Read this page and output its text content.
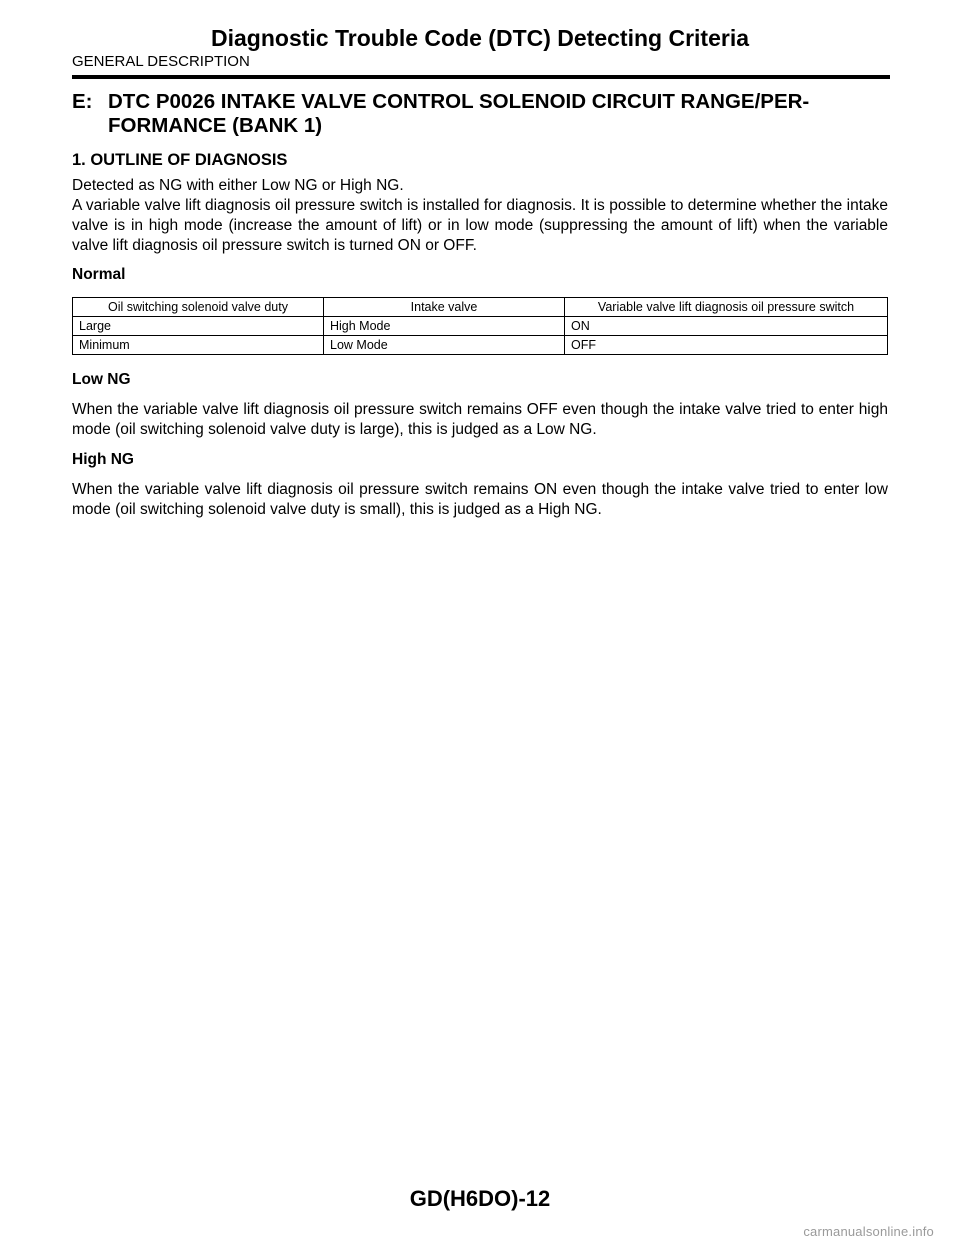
Diagnostic Trouble Code (DTC) Detecting Criteria
GENERAL DESCRIPTION
E: DTC P0026 INTAKE VALVE CONTROL SOLENOID CIRCUIT RANGE/PER-
FORMANCE (BANK 1)

1. OUTLINE OF DIAGNOSIS

Detected as NG with either Low NG or High NG.

A variable valve lift diagnosis oil pressure switch is installed for diagnosis. It is possible to determine whether the intake valve is in high mode (increase the amount of lift) or in low mode (suppressing the amount of lift) when the variable valve lift diagnosis oil pressure switch is turned ON or OFF.

Normal

Oil switching solenoid valve duty	Intake valve	Variable valve lift diagnosis oil pressure switch
Large	High Mode	ON
Minimum	Low Mode	OFF

Low NG

When the variable valve lift diagnosis oil pressure switch remains OFF even though the intake valve tried to enter high mode (oil switching solenoid valve duty is large), this is judged as a Low NG.

High NG

When the variable valve lift diagnosis oil pressure switch remains ON even though the intake valve tried to enter low mode (oil switching solenoid valve duty is small), this is judged as a High NG.

GD(H6DO)-12
carmanualsonline.info
